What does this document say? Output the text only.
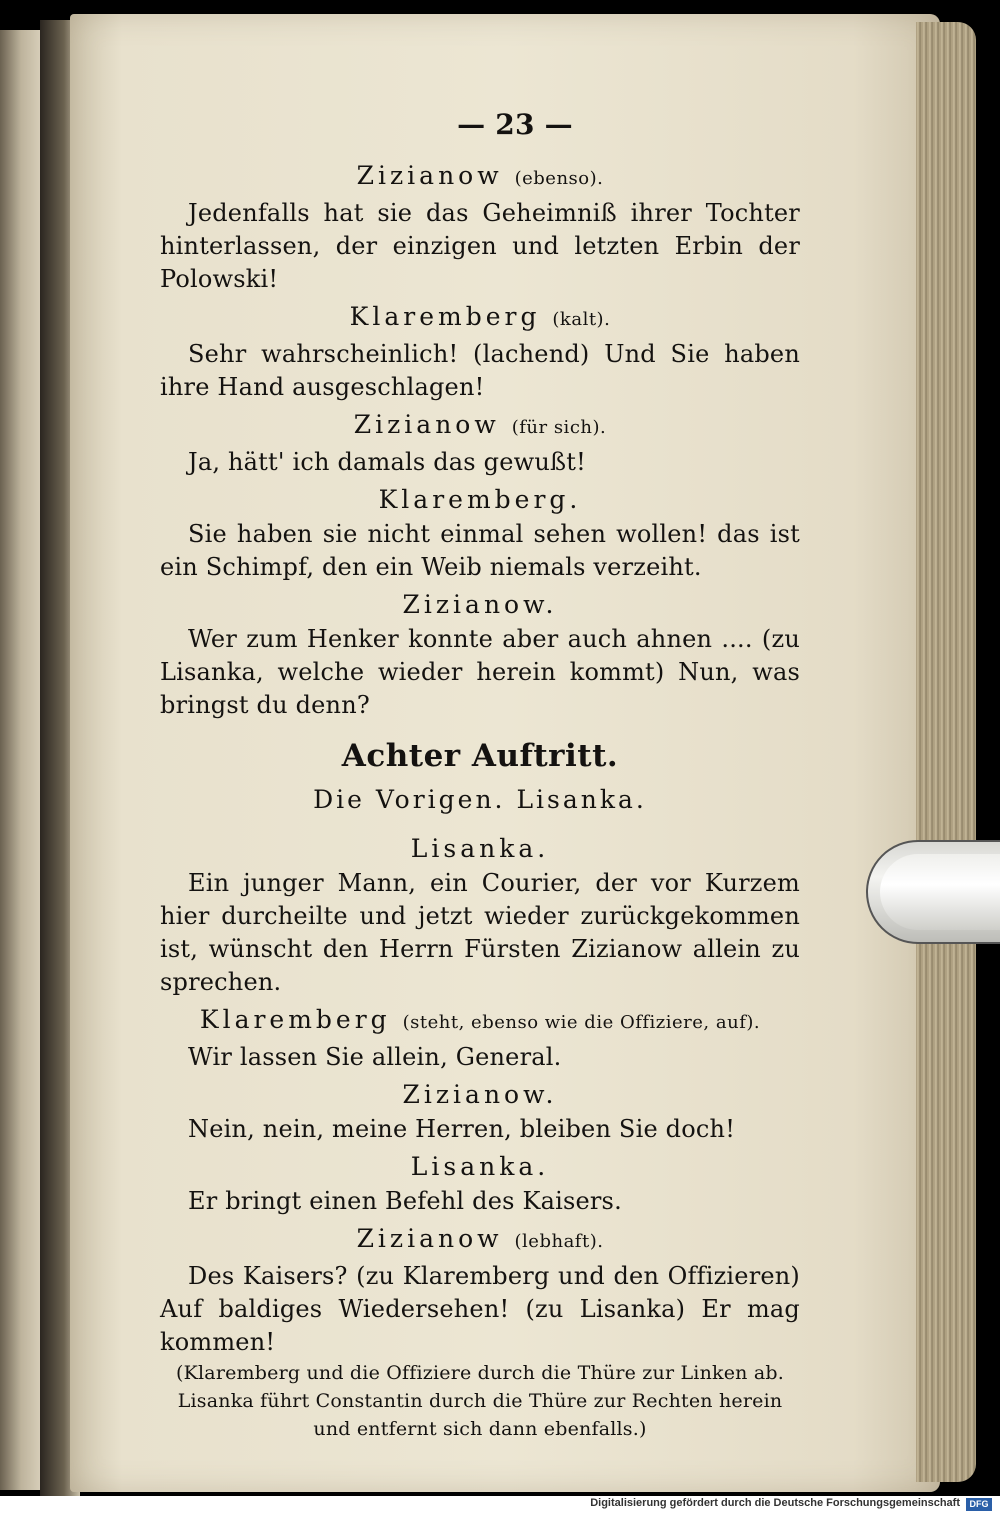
— 23 —
Zizianow (ebenso).

Jedenfalls hat sie das Geheimniß ihrer Tochter hinterlassen, der einzigen und letzten Erbin der Polowski!

Klaremberg (kalt).

Sehr wahrscheinlich! (lachend) Und Sie haben ihre Hand ausgeschlagen!

Zizianow (für sich).

Ja, hätt' ich damals das gewußt!

Klaremberg.

Sie haben sie nicht einmal sehen wollen! das ist ein Schimpf, den ein Weib niemals verzeiht.

Zizianow.

Wer zum Henker konnte aber auch ahnen .... (zu Lisanka, welche wieder herein kommt) Nun, was bringst du denn?

Achter Auftritt.
Die Vorigen. Lisanka.
Lisanka.

Ein junger Mann, ein Courier, der vor Kurzem hier durcheilte und jetzt wieder zurückgekommen ist, wünscht den Herrn Fürsten Zizianow allein zu sprechen.

Klaremberg (steht, ebenso wie die Offiziere, auf).

Wir lassen Sie allein, General.

Zizianow.

Nein, nein, meine Herren, bleiben Sie doch!

Lisanka.

Er bringt einen Befehl des Kaisers.

Zizianow (lebhaft).

Des Kaisers? (zu Klaremberg und den Offizieren) Auf baldiges Wiedersehen! (zu Lisanka) Er mag kommen!

(Klaremberg und die Offiziere durch die Thüre zur Linken ab. Lisanka führt Constantin durch die Thüre zur Rechten herein und entfernt sich dann ebenfalls.)

Digitalisierung gefördert durch die Deutsche Forschungsgemeinschaft	DFG
